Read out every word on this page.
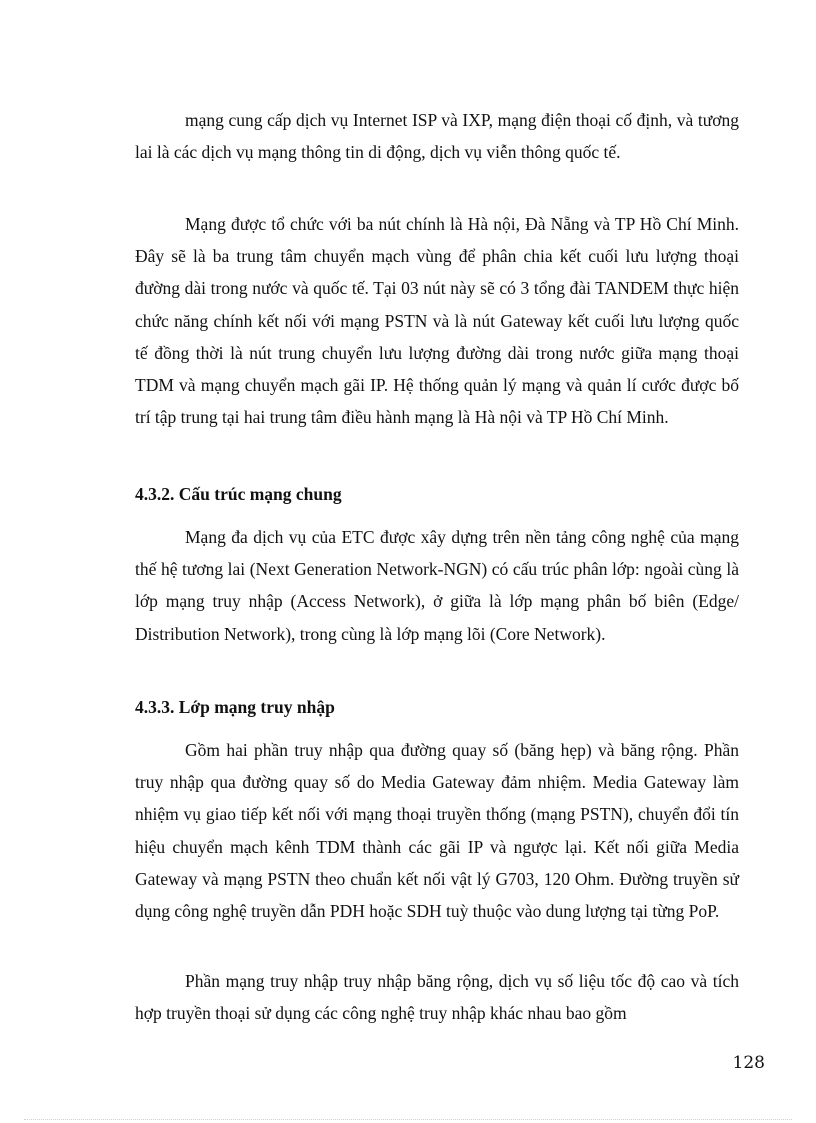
mạng cung cấp dịch vụ Internet ISP và IXP, mạng điện thoại cố định, và tương lai là các dịch vụ mạng thông tin di động, dịch vụ viễn thông quốc tế.

Mạng được tổ chức với ba nút chính là Hà nội, Đà Nẵng và TP Hồ Chí Minh. Đây sẽ là ba trung tâm chuyển mạch vùng để phân chia kết cuối lưu lượng thoại đường dài trong nước và quốc tế. Tại 03 nút này sẽ có 3 tổng đài TANDEM thực hiện chức năng chính kết nối với mạng PSTN và là nút Gateway kết cuối lưu lượng quốc tế đồng thời là nút trung chuyển lưu lượng đường dài trong nước giữa mạng thoại TDM và mạng chuyển mạch gãi IP. Hệ thống quản lý mạng và quản lí cước được bố trí tập trung tại hai trung tâm điều hành mạng là Hà nội và TP Hồ Chí Minh.

4.3.2. Cấu trúc mạng chung

Mạng đa dịch vụ của ETC được xây dựng trên nền tảng công nghệ của mạng thế hệ tương lai (Next Generation Network-NGN) có cấu trúc phân lớp: ngoài cùng là lớp mạng truy nhập (Access Network), ở giữa là lớp mạng phân bố biên (Edge/ Distribution Network), trong cùng là lớp mạng lõi (Core Network).

4.3.3. Lớp mạng truy nhập

Gồm hai phần truy nhập qua đường quay số (băng hẹp) và băng rộng. Phần truy nhập qua đường quay số do Media Gateway đảm nhiệm. Media Gateway làm nhiệm vụ giao tiếp kết nối với mạng thoại truyền thống (mạng PSTN), chuyển đổi tín hiệu chuyển mạch kênh TDM thành các gãi IP và ngược lại. Kết nối giữa Media Gateway và mạng PSTN theo chuẩn kết nối vật lý G703, 120 Ohm. Đường truyền sử dụng công nghệ truyền dẫn PDH hoặc SDH tuỳ thuộc vào dung lượng tại từng PoP.

Phần mạng truy nhập truy nhập băng rộng, dịch vụ số liệu tốc độ cao và tích hợp truyền thoại sử dụng các công nghệ truy nhập khác nhau bao gồm

128
